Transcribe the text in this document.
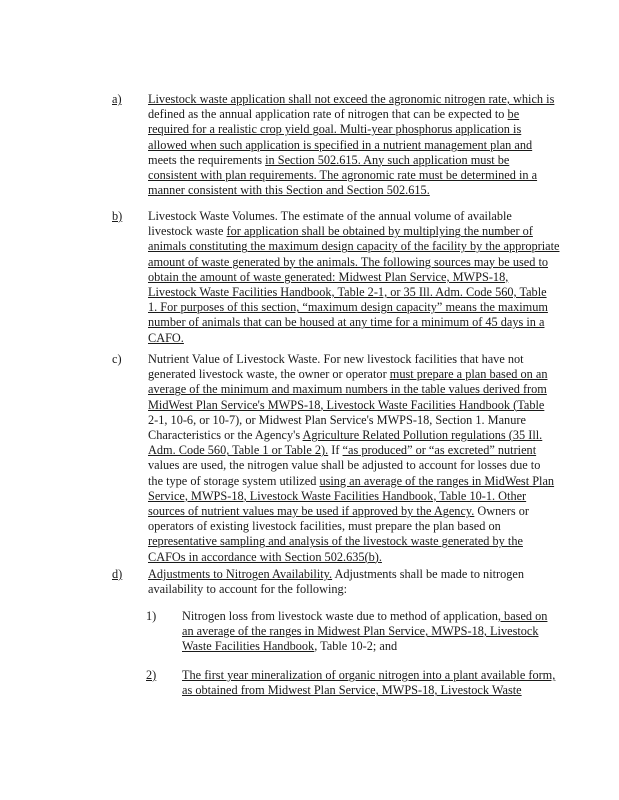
a) Livestock waste application shall not exceed the agronomic nitrogen rate, which is
defined as the annual application rate of nitrogen that can be expected to be
required for a realistic crop yield goal. Multi-year phosphorus application is
allowed when such application is specified in a nutrient management plan and
meets the requirements in Section 502.615. Any such application must be
consistent with plan requirements. The agronomic rate must be determined in a
manner consistent with this Section and Section 502.615.
b) Livestock Waste Volumes. The estimate of the annual volume of available
livestock waste for application shall be obtained by multiplying the number of
animals constituting the maximum design capacity of the facility by the appropriate
amount of waste generated by the animals. The following sources may be used to
obtain the amount of waste generated: Midwest Plan Service, MWPS-18,
Livestock Waste Facilities Handbook, Table 2-1, or 35 Ill. Adm. Code 560, Table
1. For purposes of this section, “maximum design capacity” means the maximum
number of animals that can be housed at any time for a minimum of 45 days in a
CAFO.
c) Nutrient Value of Livestock Waste. For new livestock facilities that have not
generated livestock waste, the owner or operator must prepare a plan based on an
average of the minimum and maximum numbers in the table values derived from
MidWest Plan Service's MWPS-18, Livestock Waste Facilities Handbook (Table
2-1, 10-6, or 10-7), or Midwest Plan Service's MWPS-18, Section 1. Manure
Characteristics or the Agency's Agriculture Related Pollution regulations (35 Ill.
Adm. Code 560, Table 1 or Table 2). If “as produced” or “as excreted” nutrient
values are used, the nitrogen value shall be adjusted to account for losses due to
the type of storage system utilized using an average of the ranges in MidWest Plan
Service, MWPS-18, Livestock Waste Facilities Handbook, Table 10-1. Other
sources of nutrient values may be used if approved by the Agency. Owners or
operators of existing livestock facilities, must prepare the plan based on
representative sampling and analysis of the livestock waste generated by the
CAFOs in accordance with Section 502.635(b).
d) Adjustments to Nitrogen Availability. Adjustments shall be made to nitrogen
availability to account for the following:
1) Nitrogen loss from livestock waste due to method of application, based on
an average of the ranges in Midwest Plan Service, MWPS-18, Livestock
Waste Facilities Handbook, Table 10-2; and
2) The first year mineralization of organic nitrogen into a plant available form,
as obtained from Midwest Plan Service, MWPS-18, Livestock Waste
